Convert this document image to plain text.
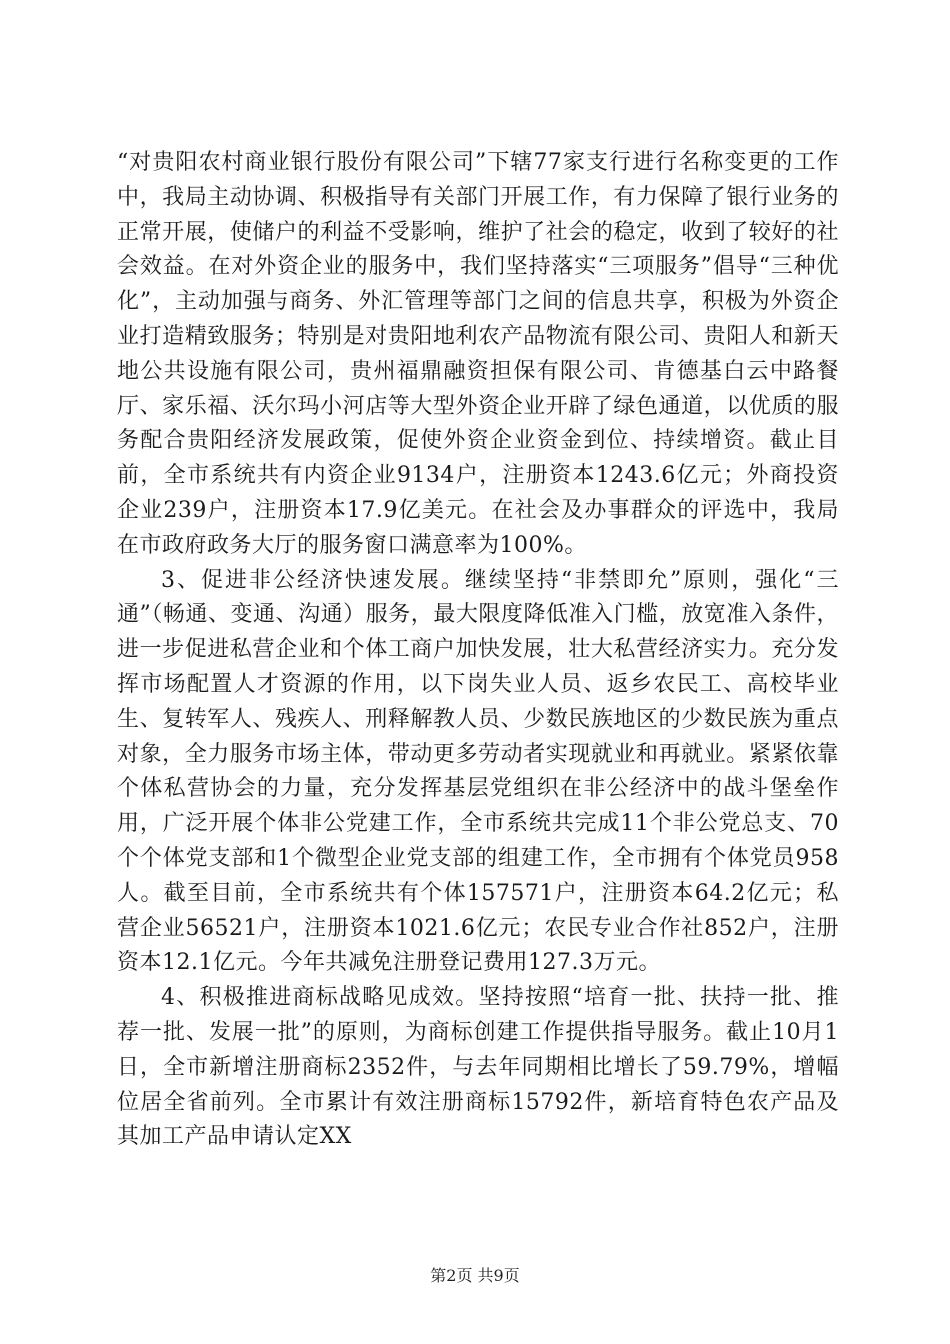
“对贵阳农村商业银行股份有限公司”下辖77家支行进行名称变更的工作中，我局主动协调、积极指导有关部门开展工作，有力保障了银行业务的正常开展，使储户的利益不受影响，维护了社会的稳定，收到了较好的社会效益。在对外资企业的服务中，我们坚持落实“三项服务”倡导“三种优化”，主动加强与商务、外汇管理等部门之间的信息共享，积极为外资企业打造精致服务；特别是对贵阳地利农产品物流有限公司、贵阳人和新天地公共设施有限公司，贵州福鼎融资担保有限公司、肯德基白云中路餐厅、家乐福、沃尔玛小河店等大型外资企业开辟了绿色通道，以优质的服务配合贵阳经济发展政策，促使外资企业资金到位、持续增资。截止目前，全市系统共有内资企业9134户，注册资本1243.6亿元；外商投资企业239户，注册资本17.9亿美元。在社会及办事群众的评选中，我局在市政府政务大厅的服务窗口满意率为100%。

3、促进非公经济快速发展。继续坚持“非禁即允”原则，强化“三通”（畅通、变通、沟通）服务，最大限度降低准入门槛，放宽准入条件，进一步促进私营企业和个体工商户加快发展，壮大私营经济实力。充分发挥市场配置人才资源的作用，以下岗失业人员、返乡农民工、高校毕业生、复转军人、残疾人、刑释解教人员、少数民族地区的少数民族为重点对象，全力服务市场主体，带动更多劳动者实现就业和再就业。紧紧依靠个体私营协会的力量，充分发挥基层党组织在非公经济中的战斗堡垒作用，广泛开展个体非公党建工作，全市系统共完成11个非公党总支、70个个体党支部和1个微型企业党支部的组建工作，全市拥有个体党员958人。截至目前，全市系统共有个体157571户，注册资本64.2亿元；私营企业56521户，注册资本1021.6亿元；农民专业合作社852户，注册资本12.1亿元。今年共减免注册登记费用127.3万元。

4、积极推进商标战略见成效。坚持按照“培育一批、扶持一批、推荐一批、发展一批”的原则，为商标创建工作提供指导服务。截止10月1日，全市新增注册商标2352件，与去年同期相比增长了59.79%，增幅位居全省前列。全市累计有效注册商标15792件，新培育特色农产品及其加工产品申请认定XX

第2页 共9页
